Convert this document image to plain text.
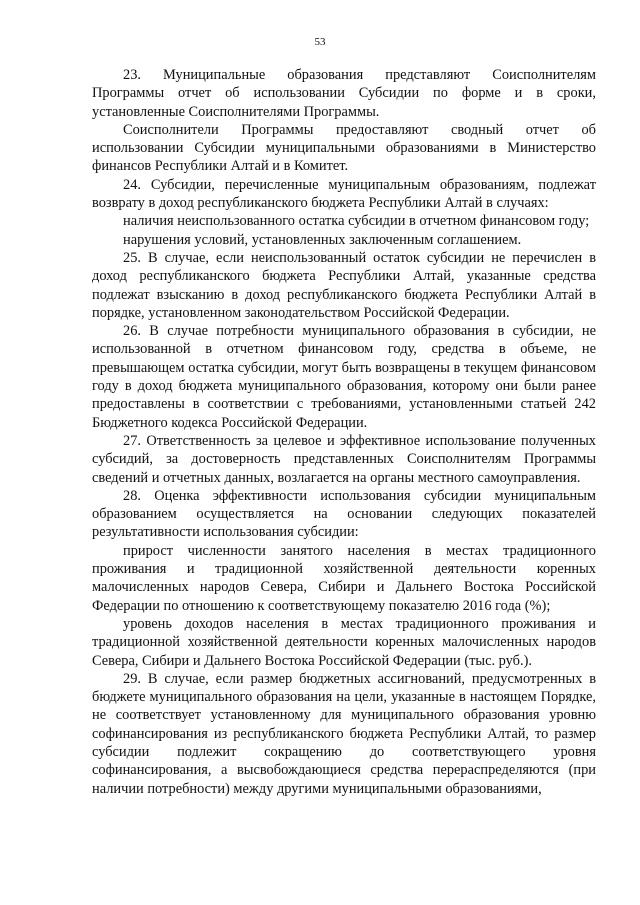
53

23. Муниципальные образования представляют Соисполнителям Программы отчет об использовании Субсидии по форме и в сроки, установленные Соисполнителями Программы.

Соисполнители Программы предоставляют сводный отчет об использовании Субсидии муниципальными образованиями в Министерство финансов Республики Алтай и в Комитет.

24. Субсидии, перечисленные муниципальным образованиям, подлежат возврату в доход республиканского бюджета Республики Алтай в случаях:

наличия неиспользованного остатка субсидии в отчетном финансовом году;

нарушения условий, установленных заключенным соглашением.

25. В случае, если неиспользованный остаток субсидии не перечислен в доход республиканского бюджета Республики Алтай, указанные средства подлежат взысканию в доход республиканского бюджета Республики Алтай в порядке, установленном законодательством Российской Федерации.

26. В случае потребности муниципального образования в субсидии, не использованной в отчетном финансовом году, средства в объеме, не превышающем остатка субсидии, могут быть возвращены в текущем финансовом году в доход бюджета муниципального образования, которому они были ранее предоставлены в соответствии с требованиями, установленными статьей 242 Бюджетного кодекса Российской Федерации.

27. Ответственность за целевое и эффективное использование полученных субсидий, за достоверность представленных Соисполнителям Программы сведений и отчетных данных, возлагается на органы местного самоуправления.

28. Оценка эффективности использования субсидии муниципальным образованием осуществляется на основании следующих показателей результативности использования субсидии:

прирост численности занятого населения в местах традиционного проживания и традиционной хозяйственной деятельности коренных малочисленных народов Севера, Сибири и Дальнего Востока Российской Федерации по отношению к соответствующему показателю 2016 года (%);

уровень доходов населения в местах традиционного проживания и традиционной хозяйственной деятельности коренных малочисленных народов Севера, Сибири и Дальнего Востока Российской Федерации (тыс. руб.).

29. В случае, если размер бюджетных ассигнований, предусмотренных в бюджете муниципального образования на цели, указанные в настоящем Порядке, не соответствует установленному для муниципального образования уровню софинансирования из республиканского бюджета Республики Алтай, то размер субсидии подлежит сокращению до соответствующего уровня софинансирования, а высвобождающиеся средства перераспределяются (при наличии потребности) между другими муниципальными образованиями,
